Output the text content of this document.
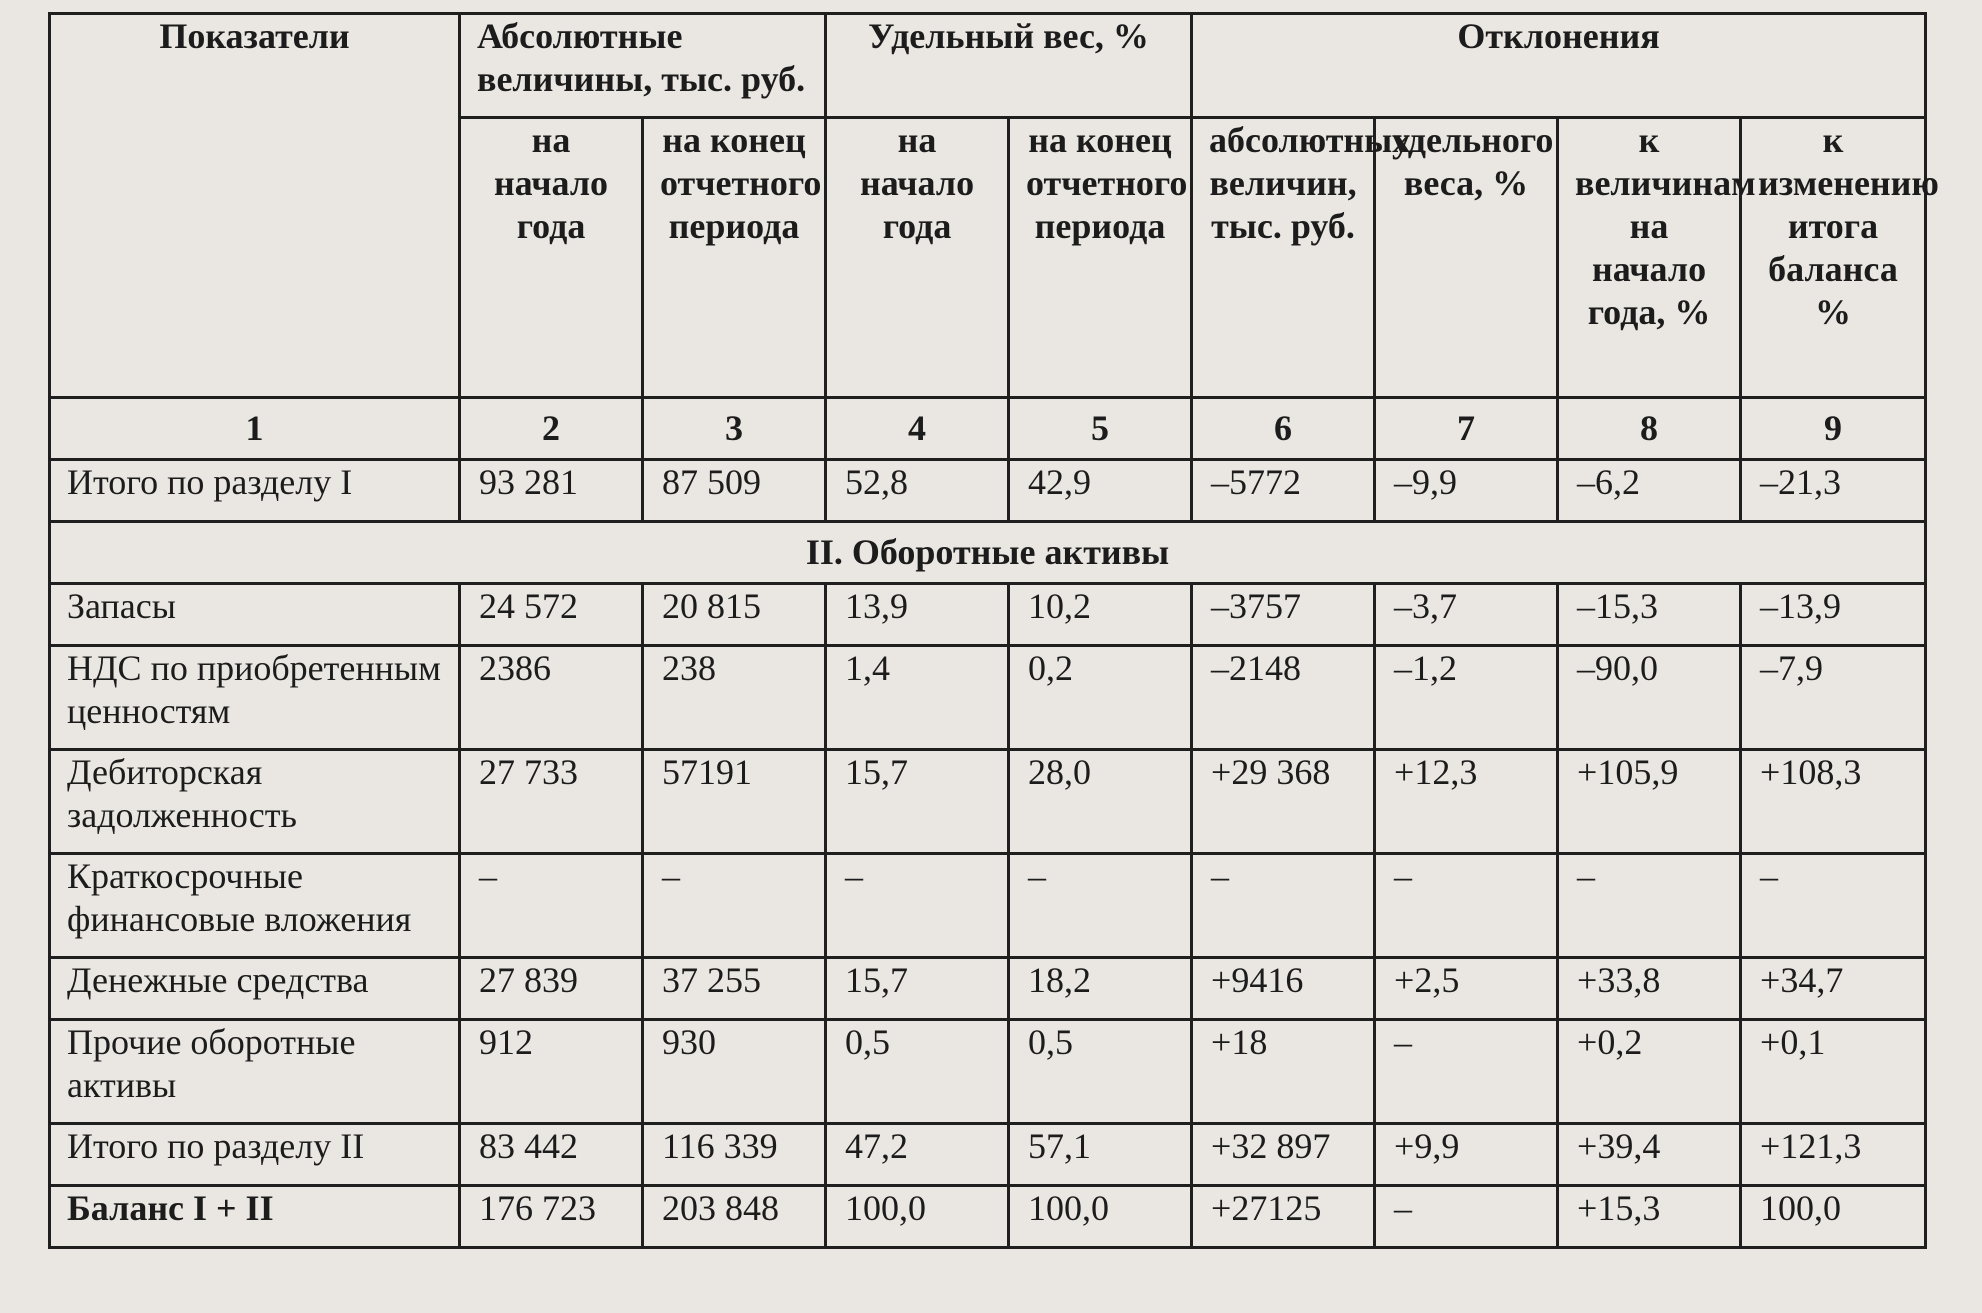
Показатели	Абсолютные величины, тыс. руб.		Удельный вес, %		Отклонения			
	на начало года	на конец отчетного периода	на начало года	на конец отчетного периода	абсолютных величин, тыс. руб.	удельного веса, %	к величинам на начало года, %	к изменению итога баланса %
1	2	3	4	5	6	7	8	9
Итого по разделу I	93 281	87 509	52,8	42,9	–5772	–9,9	–6,2	–21,3
II. Оборотные активы								
Запасы	24 572	20 815	13,9	10,2	–3757	–3,7	–15,3	–13,9
НДС по приобретенным ценностям	2386	238	1,4	0,2	–2148	–1,2	–90,0	–7,9
Дебиторская задолженность	27 733	57191	15,7	28,0	+29 368	+12,3	+105,9	+108,3
Краткосрочные финансовые вложения	–	–	–	–	–	–	–	–
Денежные средства	27 839	37 255	15,7	18,2	+9416	+2,5	+33,8	+34,7
Прочие оборотные активы	912	930	0,5	0,5	+18	–	+0,2	+0,1
Итого по разделу II	83 442	116 339	47,2	57,1	+32 897	+9,9	+39,4	+121,3
Баланс I + II	176 723	203 848	100,0	100,0	+27125	–	+15,3	100,0
